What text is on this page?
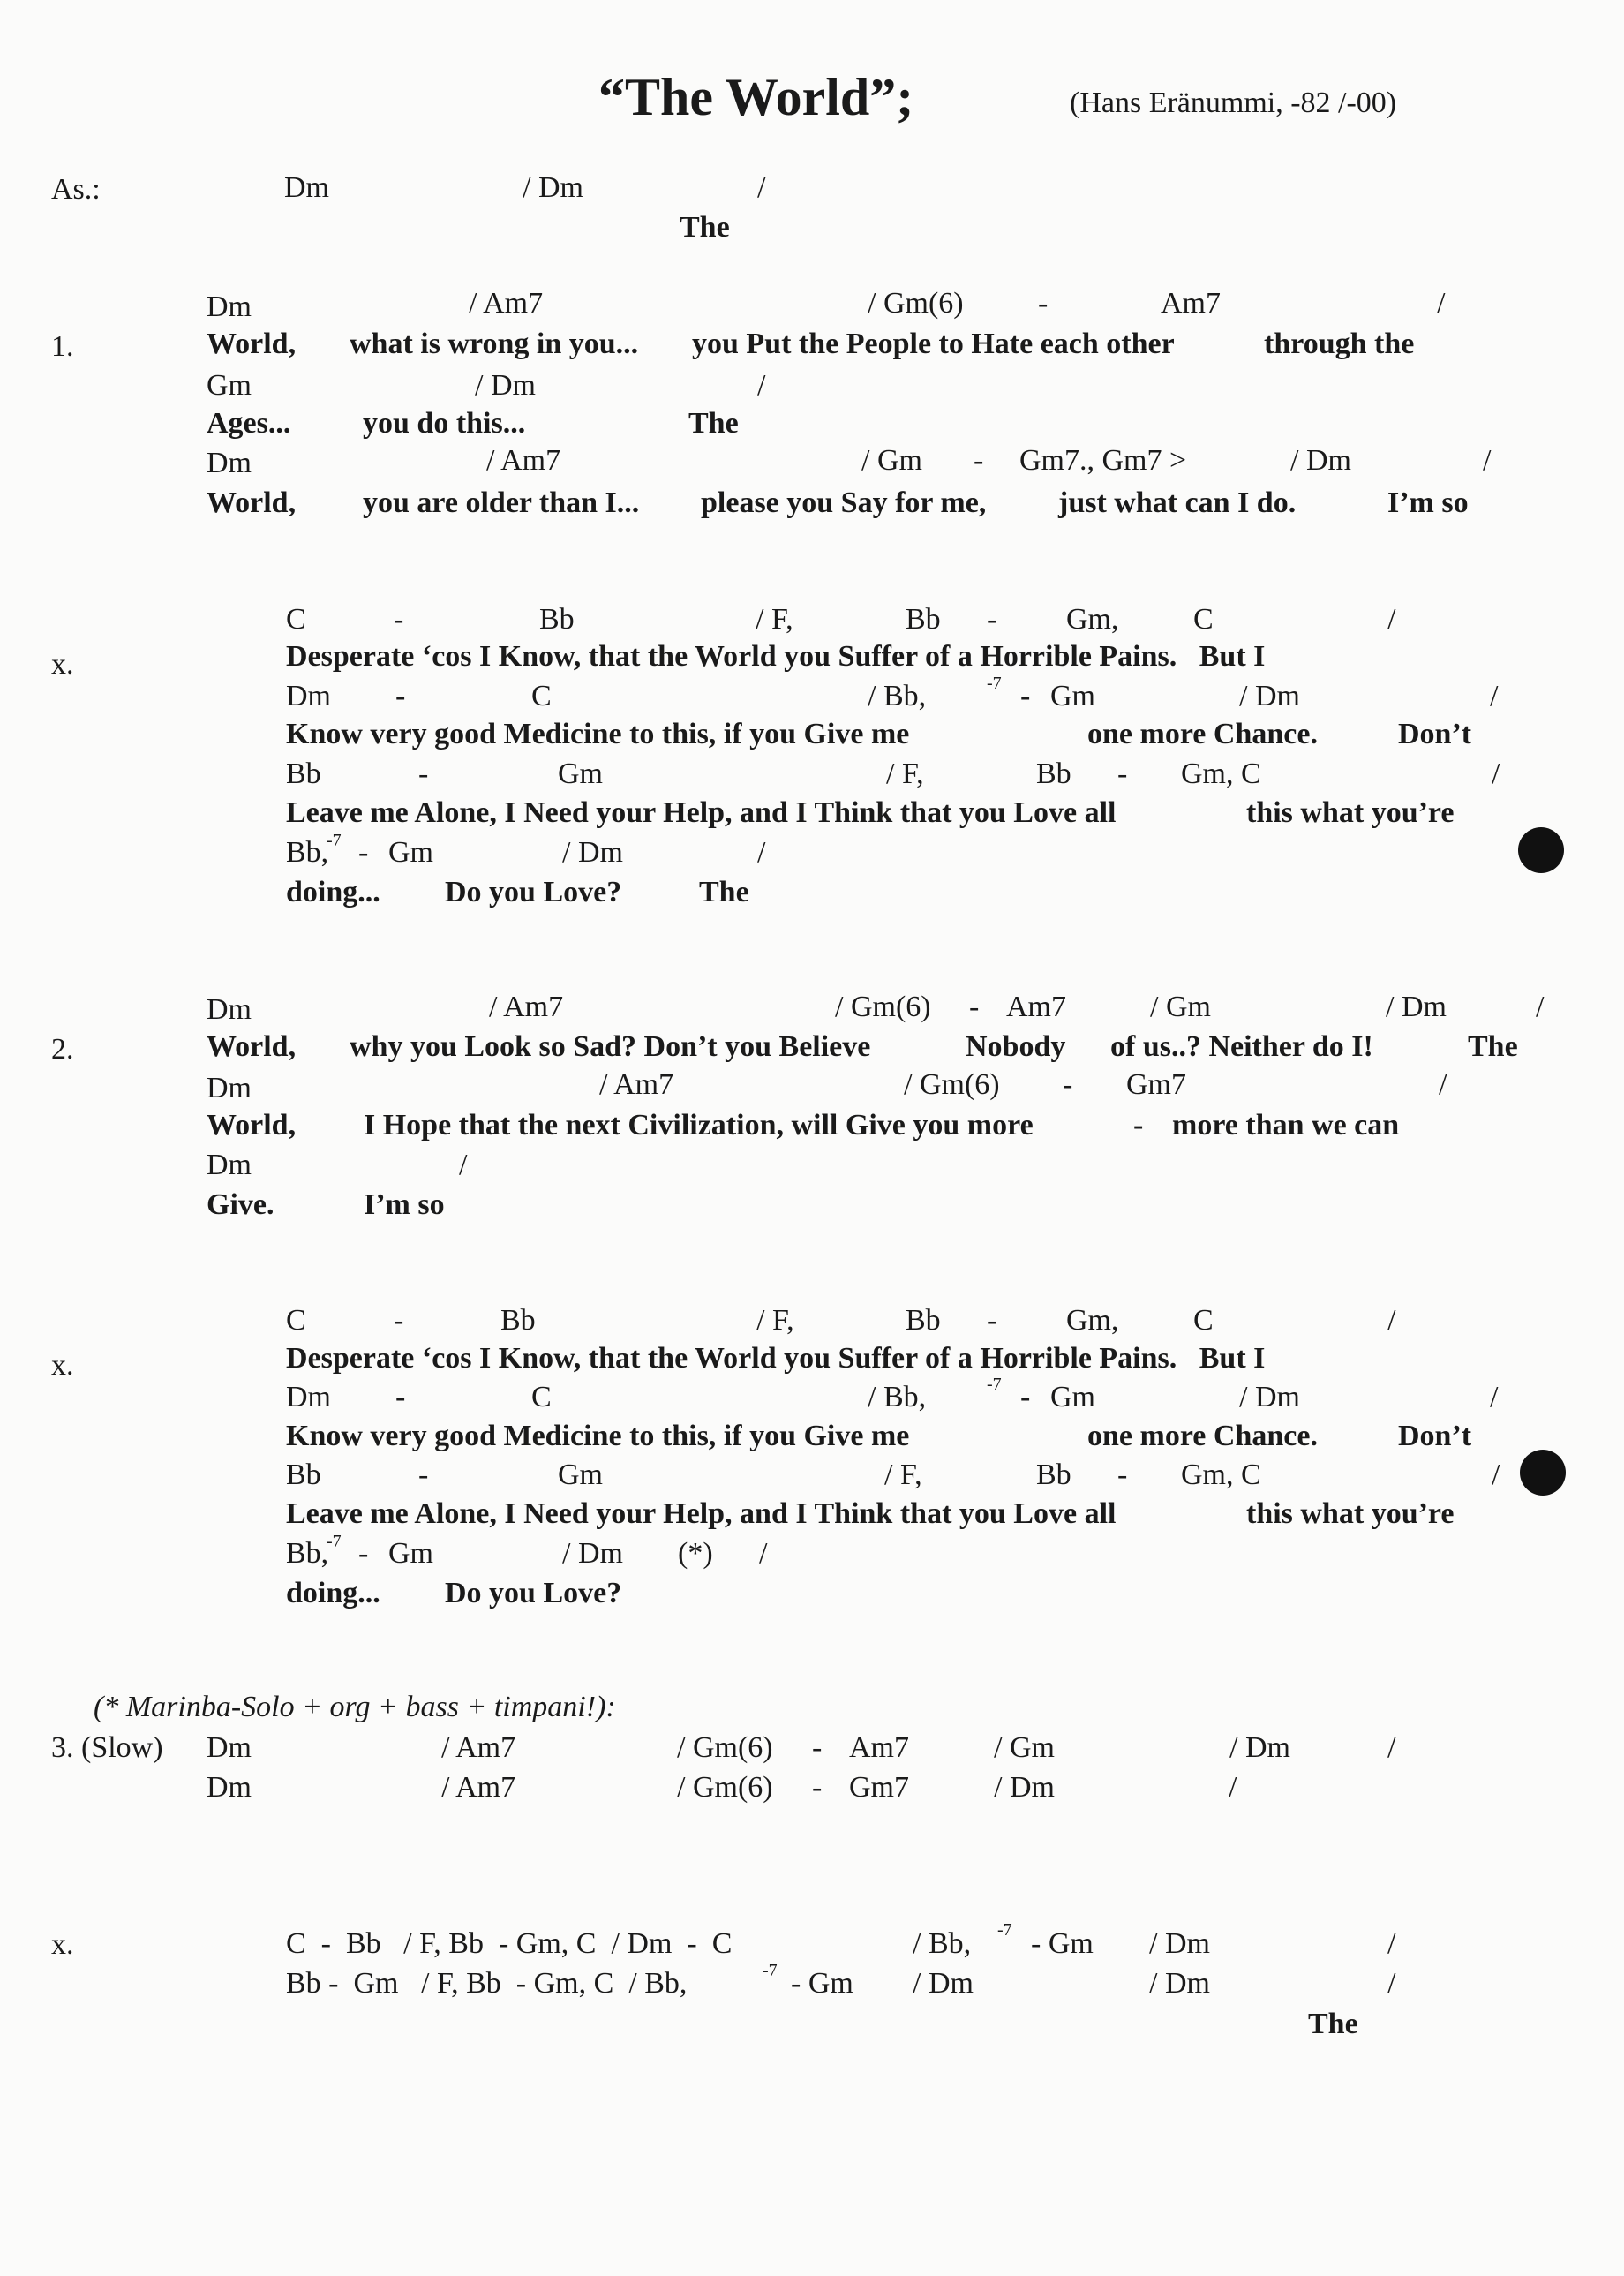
“The World”;	(Hans Eränummi, -82 /-00)
As.:	Dm	/ Dm	/
The
1.
Dm	/ Am7	/ Gm(6) -	Am7	/
World, what is wrong in you... you Put the People to Hate each other	through the
Gm	/ Dm	/
Ages... you do this...	The
Dm	/ Am7	/ Gm - Gm7., Gm7 >	/ Dm	/
World, you are older than I... please you Say for me, just what can I do.	I’m so
x.
C	-	Bb	/ F,	Bb - Gm, C	/
Desperate ‘cos I Know, that the World you Suffer of a Horrible Pains.   But I
Dm -	C	/ Bb,	-7 - Gm	/ Dm	/
Know very good Medicine to this, if you Give me	one more Chance.	Don’t
Bb	-	Gm	/ F,	Bb - Gm, C	/
Leave me Alone, I Need your Help, and I Think that you Love all	this what you’re
Bb,
-7 - Gm	/ Dm	/
doing... Do you Love?	The
2.
Dm	/ Am7	/ Gm(6) - Am7	/ Gm	/ Dm	/
World, why you Look so Sad? Don’t you Believe	Nobody of us..? Neither do I!	The
Dm	/ Am7	/ Gm(6) - Gm7	/
World, I Hope that the next Civilization, will Give you more	- more than we can
Dm	/
Give.	I’m so
x.
C	-	Bb	/ F,	Bb - Gm, C	/
Desperate ‘cos I Know, that the World you Suffer of a Horrible Pains.   But I
Dm -	C	/ Bb,	-7 - Gm	/ Dm	/
Know very good Medicine to this, if you Give me	one more Chance.	Don’t
Bb	-	Gm	/ F,	Bb - Gm, C	/
Leave me Alone, I Need your Help, and I Think that you Love all	this what you’re
Bb,
-7 - Gm	/ Dm (*) /
doing... Do you Love?
(* Marinba-Solo + org + bass + timpani!):
3. (Slow) Dm	/ Am7	/ Gm(6) - Am7	/ Gm	/ Dm	/
Dm	/ Am7	/ Gm(6) - Gm7	/ Dm	/
x.	C  -  Bb   / F, Bb  - Gm, C  / Dm  -  C	/ Bb, -7 - Gm / Dm	/
Bb -  Gm   / F, Bb  - Gm, C  / Bb,	-7 - Gm / Dm	/ Dm	/
The
